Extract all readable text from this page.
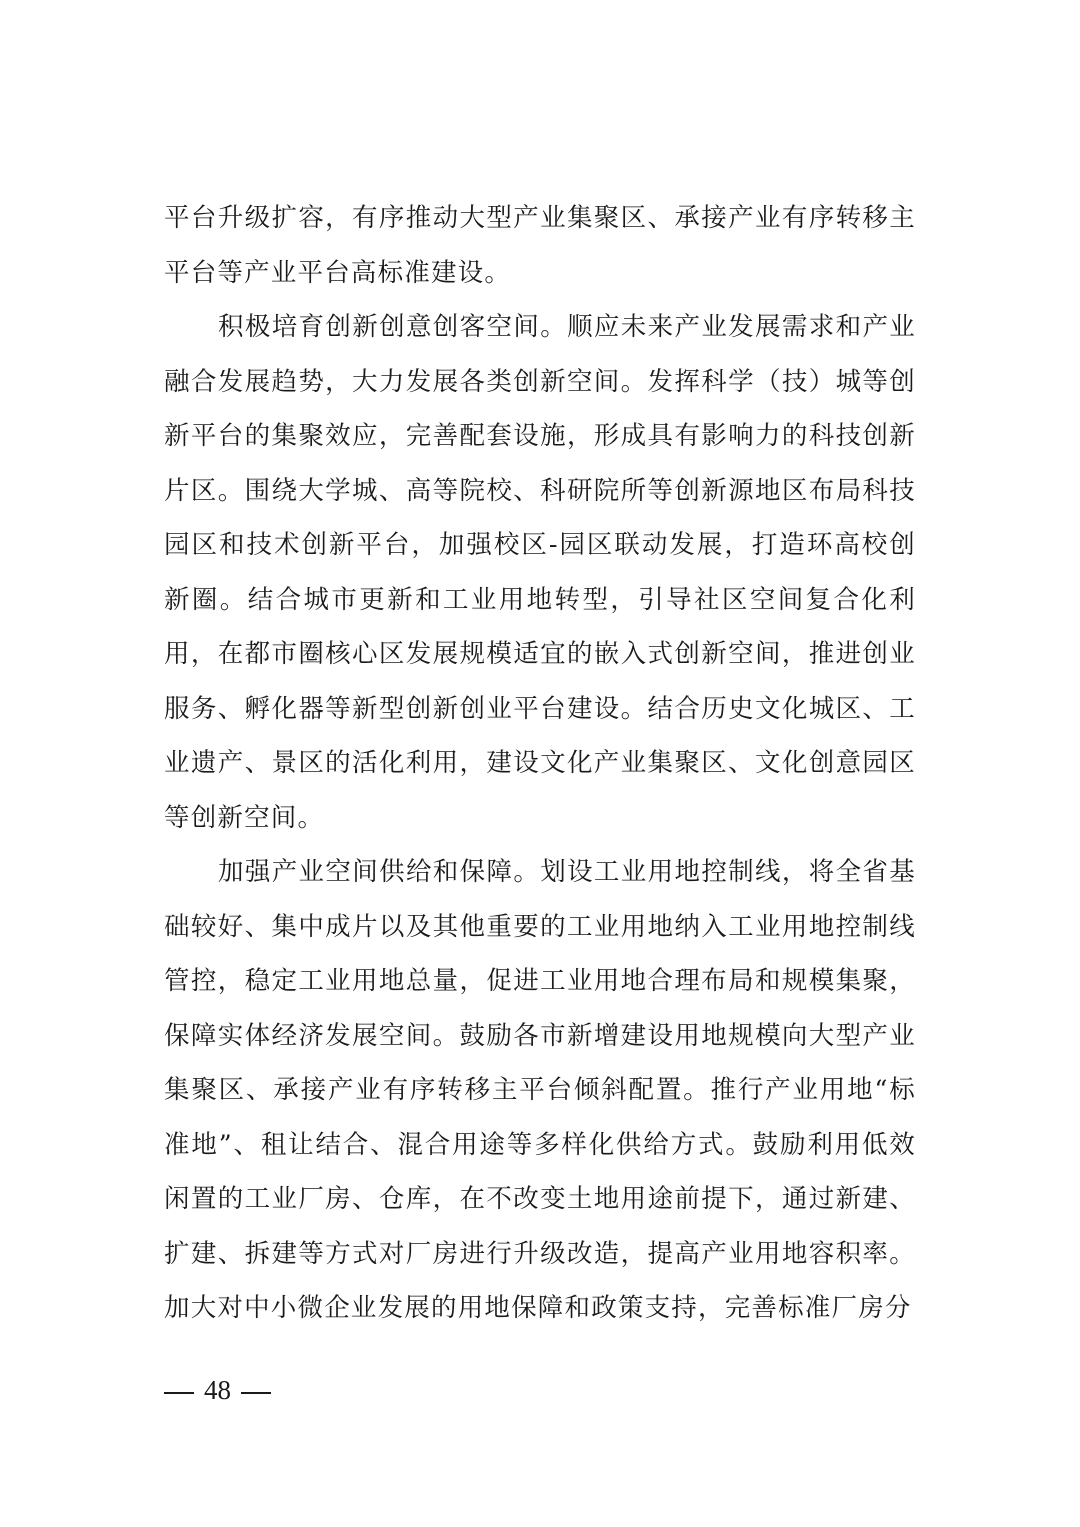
平台升级扩容，有序推动大型产业集聚区、承接产业有序转移主平台等产业平台高标准建设。

积极培育创新创意创客空间。顺应未来产业发展需求和产业融合发展趋势，大力发展各类创新空间。发挥科学（技）城等创新平台的集聚效应，完善配套设施，形成具有影响力的科技创新片区。围绕大学城、高等院校、科研院所等创新源地区布局科技园区和技术创新平台，加强校区-园区联动发展，打造环高校创新圈。结合城市更新和工业用地转型，引导社区空间复合化利用，在都市圈核心区发展规模适宜的嵌入式创新空间，推进创业服务、孵化器等新型创新创业平台建设。结合历史文化城区、工业遗产、景区的活化利用，建设文化产业集聚区、文化创意园区等创新空间。

加强产业空间供给和保障。划设工业用地控制线，将全省基础较好、集中成片以及其他重要的工业用地纳入工业用地控制线管控，稳定工业用地总量，促进工业用地合理布局和规模集聚，保障实体经济发展空间。鼓励各市新增建设用地规模向大型产业集聚区、承接产业有序转移主平台倾斜配置。推行产业用地“标准地”、租让结合、混合用途等多样化供给方式。鼓励利用低效闲置的工业厂房、仓库，在不改变土地用途前提下，通过新建、扩建、拆建等方式对厂房进行升级改造，提高产业用地容积率。加大对中小微企业发展的用地保障和政策支持，完善标准厂房分

48
